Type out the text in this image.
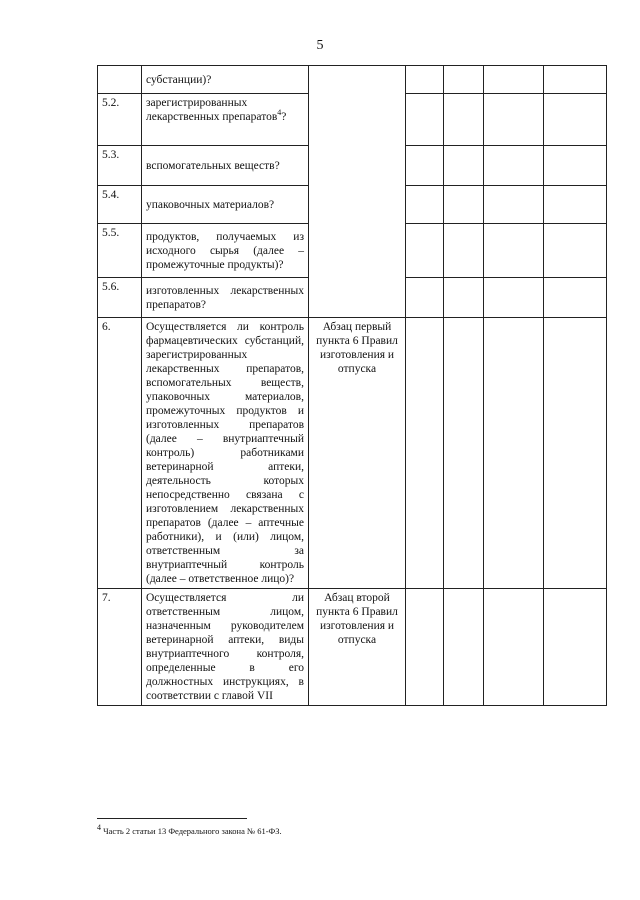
5
	субстанции)?					
5.2.	зарегистрированных лекарственных препаратов$^4$?					
5.3.	вспомогательных веществ?					
5.4.	упаковочных материалов?					
5.5.	продуктов, получаемых из исходного сырья (далее – промежуточные продукты)?					
5.6.	изготовленных лекарственных препаратов?					
6.	Осуществляется ли контроль фармацевтических субстанций, зарегистрированных лекарственных препаратов, вспомогательных веществ, упаковочных материалов, промежуточных продуктов и изготовленных препаратов (далее – внутриаптечный контроль) работниками ветеринарной аптеки, деятельность которых непосредственно связана с изготовлением лекарственных препаратов (далее – аптечные работники), и (или) лицом, ответственным за внутриаптечный контроль (далее – ответственное лицо)?	Абзац первый пункта 6 Правил изготовления и отпуска				
7.	Осуществляется ли ответственным лицом, назначенным руководителем ветеринарной аптеки, виды внутриаптечного контроля, определенные в его должностных инструкциях, в соответствии с главой VII	Абзац второй пункта 6 Правил изготовления и отпуска				
$^4$ Часть 2 статьи 13 Федерального закона № 61-ФЗ.
